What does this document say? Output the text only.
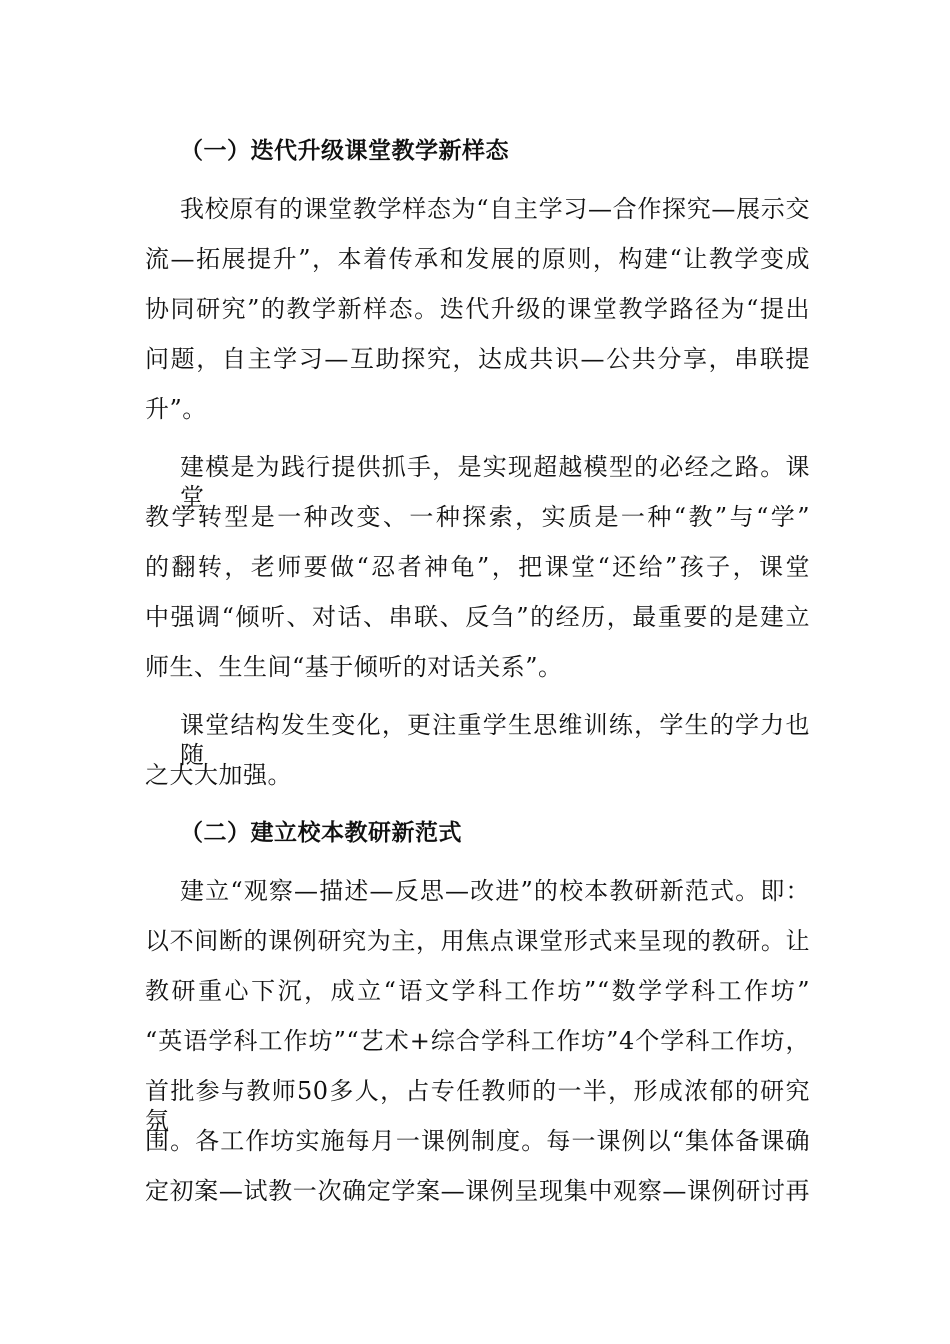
（一）迭代升级课堂教学新样态
我校原有的课堂教学样态为“自主学习—合作探究—展示交
流—拓展提升”，本着传承和发展的原则，构建“让教学变成
协同研究”的教学新样态。迭代升级的课堂教学路径为“提出
问题，自主学习—互助探究，达成共识—公共分享，串联提
升”。
建模是为践行提供抓手，是实现超越模型的必经之路。课堂
教学转型是一种改变、一种探索，实质是一种“教”与“学”
的翻转，老师要做“忍者神龟”，把课堂“还给”孩子，课堂
中强调“倾听、对话、串联、反刍”的经历，最重要的是建立
师生、生生间“基于倾听的对话关系”。
课堂结构发生变化，更注重学生思维训练，学生的学力也随
之大大加强。
（二）建立校本教研新范式
建立“观察—描述—反思—改进”的校本教研新范式。即：
以不间断的课例研究为主，用焦点课堂形式来呈现的教研。让
教研重心下沉，成立“语文学科工作坊”“数学学科工作坊”
“英语学科工作坊”“艺术+综合学科工作坊”4个学科工作坊，
首批参与教师50多人，占专任教师的一半，形成浓郁的研究氛
围。各工作坊实施每月一课例制度。每一课例以“集体备课确
定初案—试教一次确定学案—课例呈现集中观察—课例研讨再
